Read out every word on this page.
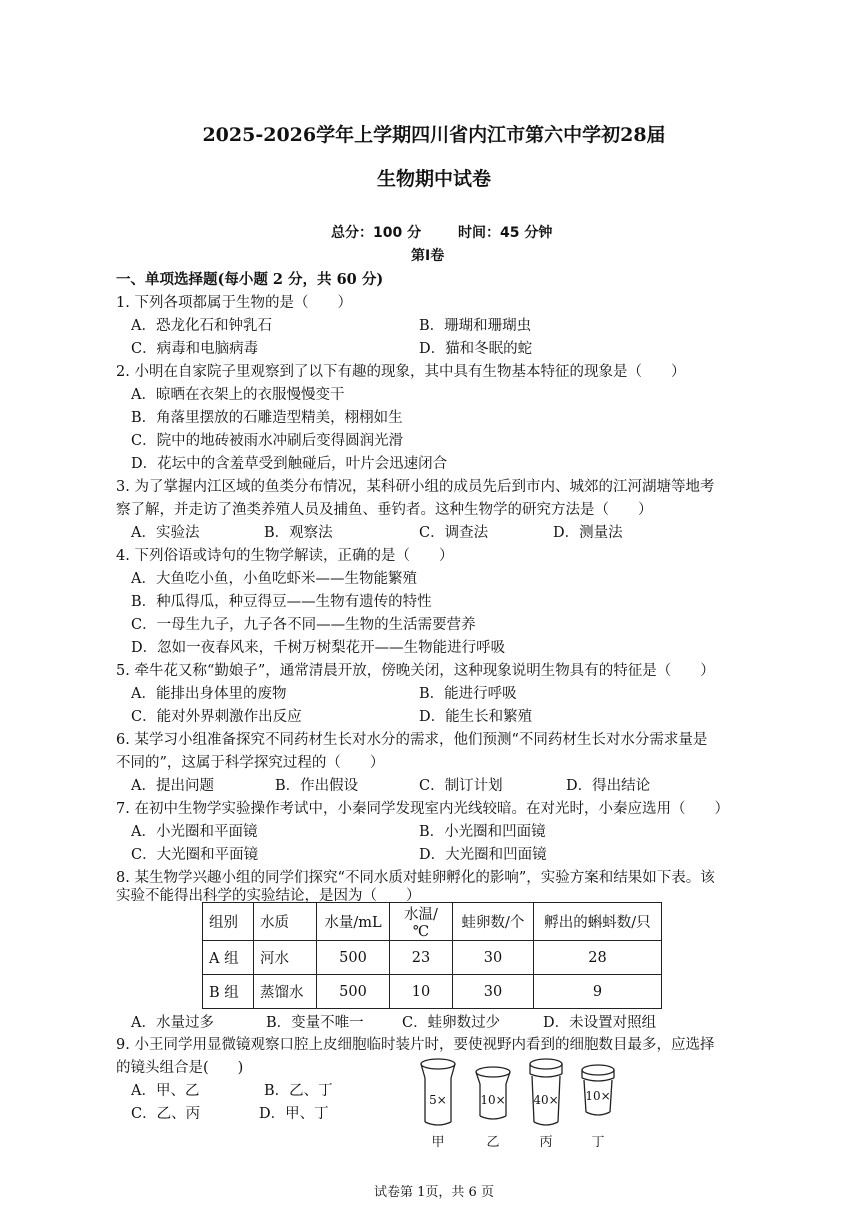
2025-2026学年上学期四川省内江市第六中学初28届
生物期中试卷
总分：100 分	时间：45 分钟
第Ⅰ卷
一、单项选择题(每小题 2 分，共 60 分)
1. 下列各项都属于生物的是（　　）
A．恐龙化石和钟乳石	B．珊瑚和珊瑚虫
C．病毒和电脑病毒	D．猫和冬眠的蛇
2. 小明在自家院子里观察到了以下有趣的现象，其中具有生物基本特征的现象是（　　）
A．晾晒在衣架上的衣服慢慢变干
B．角落里摆放的石雕造型精美，栩栩如生
C．院中的地砖被雨水冲刷后变得圆润光滑
D．花坛中的含羞草受到触碰后，叶片会迅速闭合
3. 为了掌握内江区域的鱼类分布情况，某科研小组的成员先后到市内、城郊的江河湖塘等地考
察了解，并走访了渔类养殖人员及捕鱼、垂钓者。这种生物学的研究方法是（　　）
A．实验法	B．观察法	C．调查法	D．测量法
4. 下列俗语或诗句的生物学解读，正确的是（　　）
A．大鱼吃小鱼，小鱼吃虾米——生物能繁殖
B．种瓜得瓜，种豆得豆——生物有遗传的特性
C．一母生九子，九子各不同——生物的生活需要营养
D．忽如一夜春风来，千树万树梨花开——生物能进行呼吸
5. 牵牛花又称“勤娘子”，通常清晨开放，傍晚关闭，这种现象说明生物具有的特征是（　　）
A．能排出身体里的废物	B．能进行呼吸
C．能对外界刺激作出反应	D．能生长和繁殖
6. 某学习小组准备探究不同药材生长对水分的需求，他们预测“不同药材生长对水分需求量是
不同的”，这属于科学探究过程的（　　）
A．提出问题	B．作出假设	C．制订计划	D．得出结论
7. 在初中生物学实验操作考试中，小秦同学发现室内光线较暗。在对光时，小秦应选用（　　）
A．小光圈和平面镜	B．小光圈和凹面镜
C．大光圈和平面镜	D．大光圈和凹面镜
8. 某生物学兴趣小组的同学们探究“不同水质对蛙卵孵化的影响”，实验方案和结果如下表。该
实验不能得出科学的实验结论，是因为（　　）
组别	水质	水量/mL	水温/℃	蛙卵数/个	孵出的蝌蚪数/只
A 组	河水	500	23	30	28
B 组	蒸馏水	500	10	30	9
A．水量过多	B．变量不唯一	C．蛙卵数过少	D．未设置对照组
9. 小王同学用显微镜观察口腔上皮细胞临时装片时，要使视野内看到的细胞数目最多，应选择
的镜头组合是(　　)
A．甲、乙	B．乙、丁
C．乙、丙	D．甲、丁
5×	10× 40× 10×
甲	乙	丙	丁
试卷第 1页，共 6 页
